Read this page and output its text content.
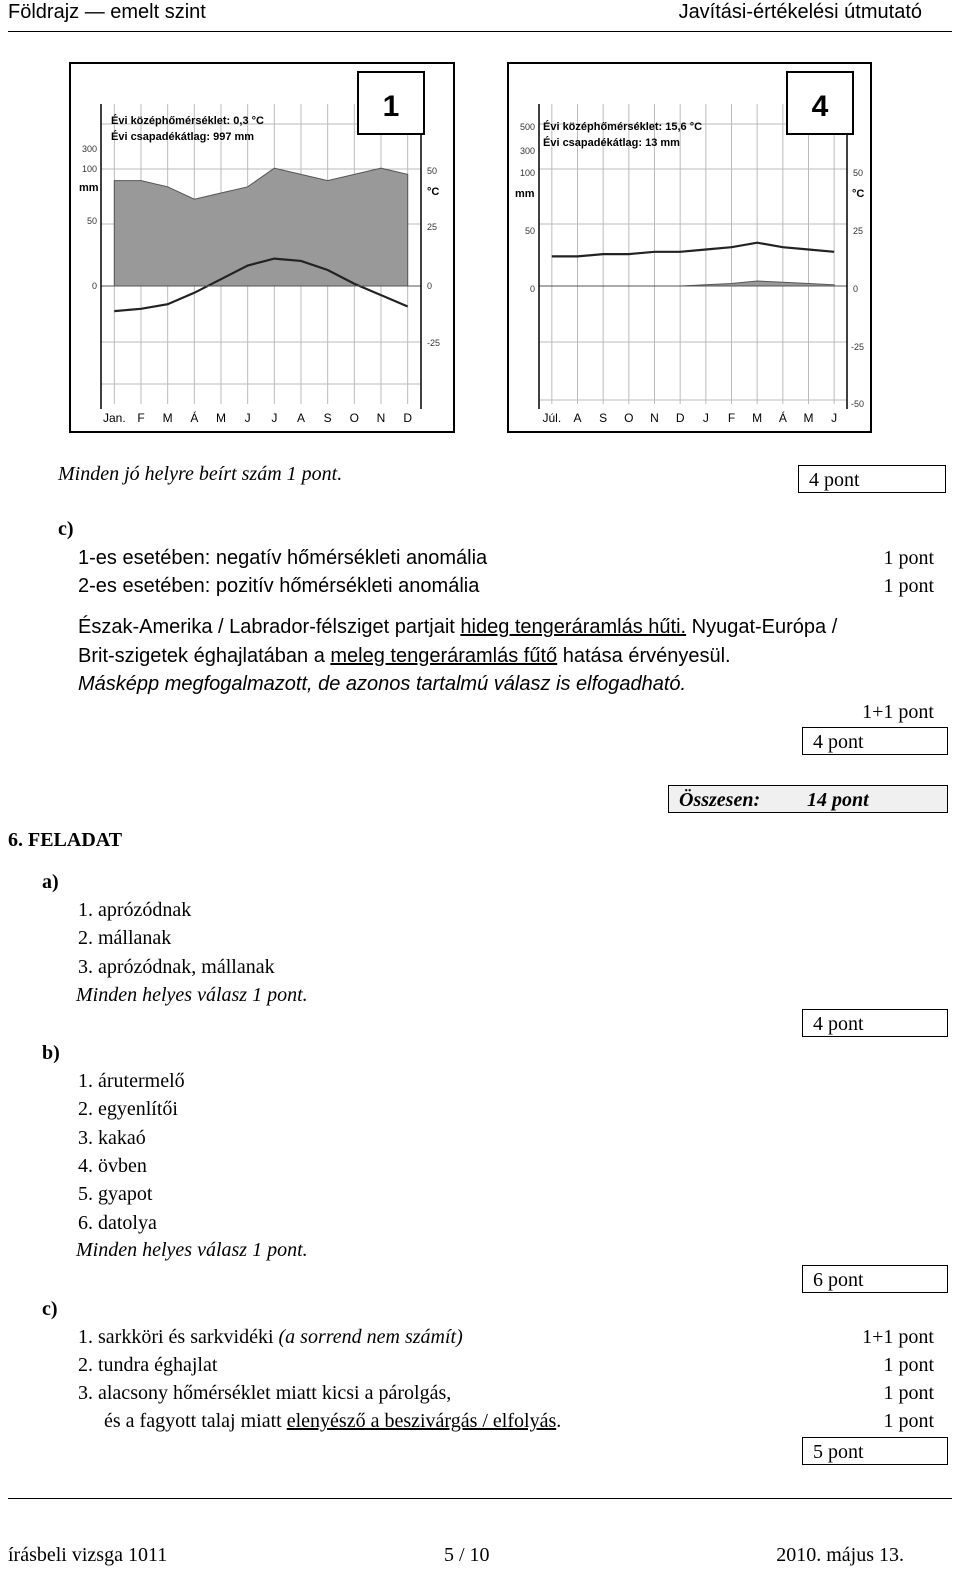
Földrajz — emelt szint	Javítási-értékelési útmutató
Évi középhőmérséklet: 0,3 °C
Évi csapadékátlag: 997 mm
1
300
100
50
0
mm
50
25
0
-25
°C
Jan. F M Á M J J A S O N D
Évi középhőmérséklet: 15,6 °C
Évi csapadékátlag: 13 mm
4
500
300
100
50
0
mm
50
25
0
-25
-50
°C
Júl. A S O N D J F M Á M J
Minden jó helyre beírt szám 1 pont.	4 pont
c)
1-es esetében: negatív hőmérsékleti anomália	1 pont
2-es esetében: pozitív hőmérsékleti anomália	1 pont
Észak-Amerika / Labrador-félsziget partjait hideg tengeráramlás hűti. Nyugat-Európa /
Brit-szigetek éghajlatában a meleg tengeráramlás fűtő hatása érvényesül.
Másképp megfogalmazott, de azonos tartalmú válasz is elfogadható.
1+1 pont
4 pont
Összesen: 14 pont
6. FELADAT
a)
1. aprózódnak
2. mállanak
3. aprózódnak, mállanak
Minden helyes válasz 1 pont.
4 pont
b)
1. árutermelő
2. egyenlítői
3. kakaó
4. övben
5. gyapot
6. datolya
Minden helyes válasz 1 pont.
6 pont
c)
1. sarkköri és sarkvidéki (a sorrend nem számít)	1+1 pont
2. tundra éghajlat	1 pont
3. alacsony hőmérséklet miatt kicsi a párolgás,	1 pont
és a fagyott talaj miatt elenyésző a beszivárgás / elfolyás.	1 pont
5 pont
írásbeli vizsga 1011	5 / 10	2010. május 13.
